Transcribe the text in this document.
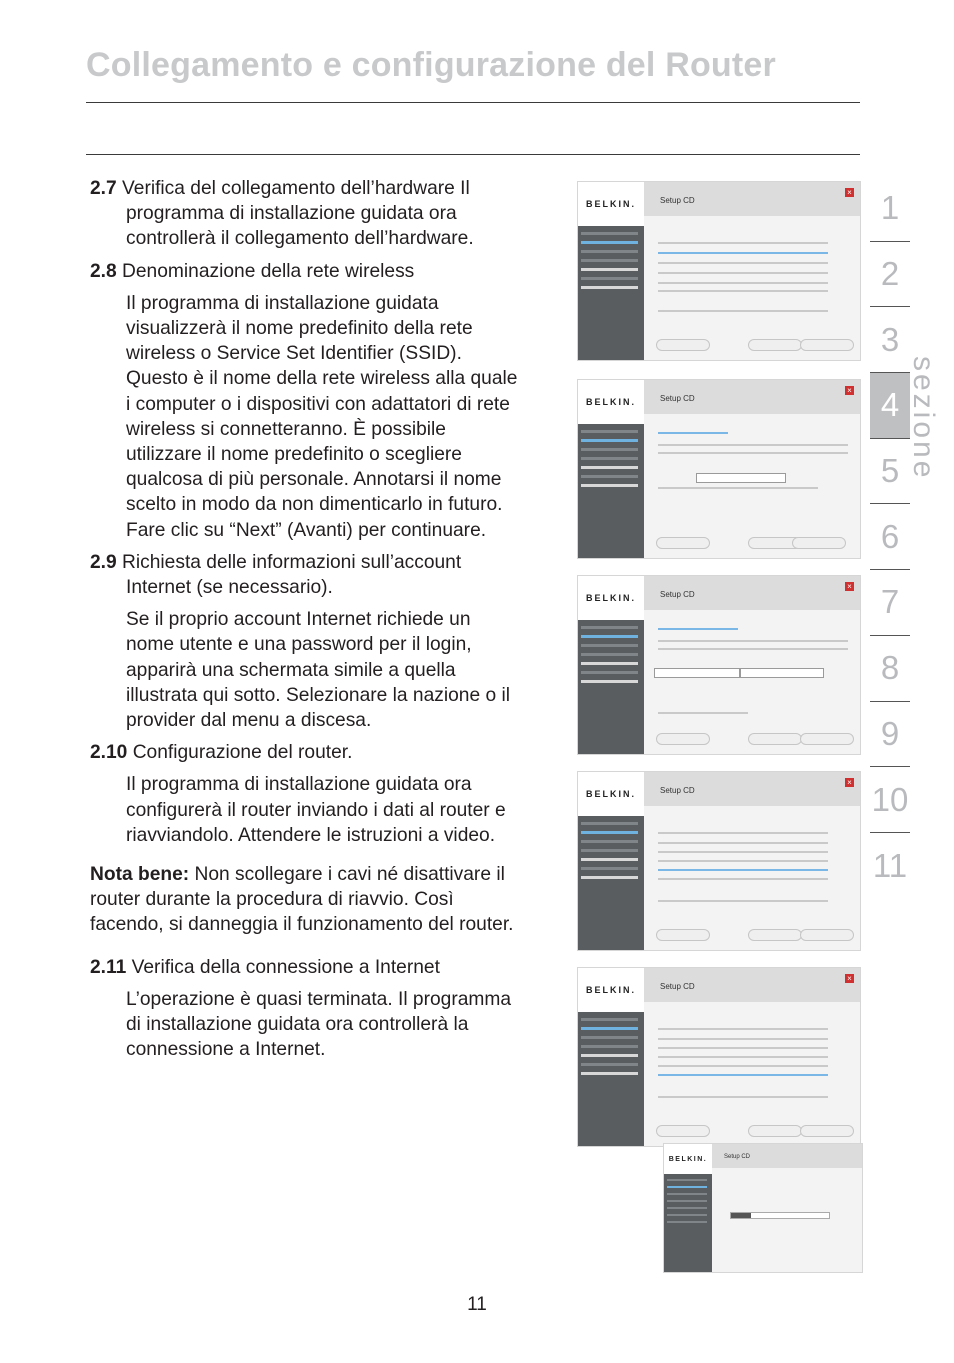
Collegamento e configurazione del Router
2.7 Verifica del collegamento dell’hardware Il programma di installazione guidata ora controllerà il collegamento dell’hardware.
2.8 Denominazione della rete wireless
Il programma di installazione guidata visualizzerà il nome predefinito della rete wireless o Service Set Identifier (SSID). Questo è il nome della rete wireless alla quale i computer o i dispositivi con adattatori di rete wireless si connetteranno. È possibile utilizzare il nome predefinito o scegliere qualcosa di più personale. Annotarsi il nome scelto in modo da non dimenticarlo in futuro. Fare clic su “Next” (Avanti) per continuare.
2.9 Richiesta delle informazioni sull’account Internet (se necessario).
Se il proprio account Internet richiede un nome utente e una password per il login, apparirà una schermata simile a quella illustrata qui sotto. Selezionare la nazione o il provider dal menu a discesa.
2.10 Configurazione del router.
Il programma di installazione guidata ora configurerà il router inviando i dati al router e riavviandolo. Attendere le istruzioni a video.
Nota bene: Non scollegare i cavi né disattivare il router durante la procedura di riavvio. Così facendo, si danneggia il funzionamento del router.
2.11 Verifica della connessione a Internet
L’operazione è quasi terminata. Il programma di installazione guidata ora controllerà la connessione a Internet.
BELKIN.	Setup CD
×
BELKIN.	Setup CD
×
BELKIN.	Setup CD
×
BELKIN.	Setup CD
×
BELKIN.	Setup CD
×
BELKIN.	Setup CD
1
2
3
4
5
6
7
8
9
10
11
sezione
11
